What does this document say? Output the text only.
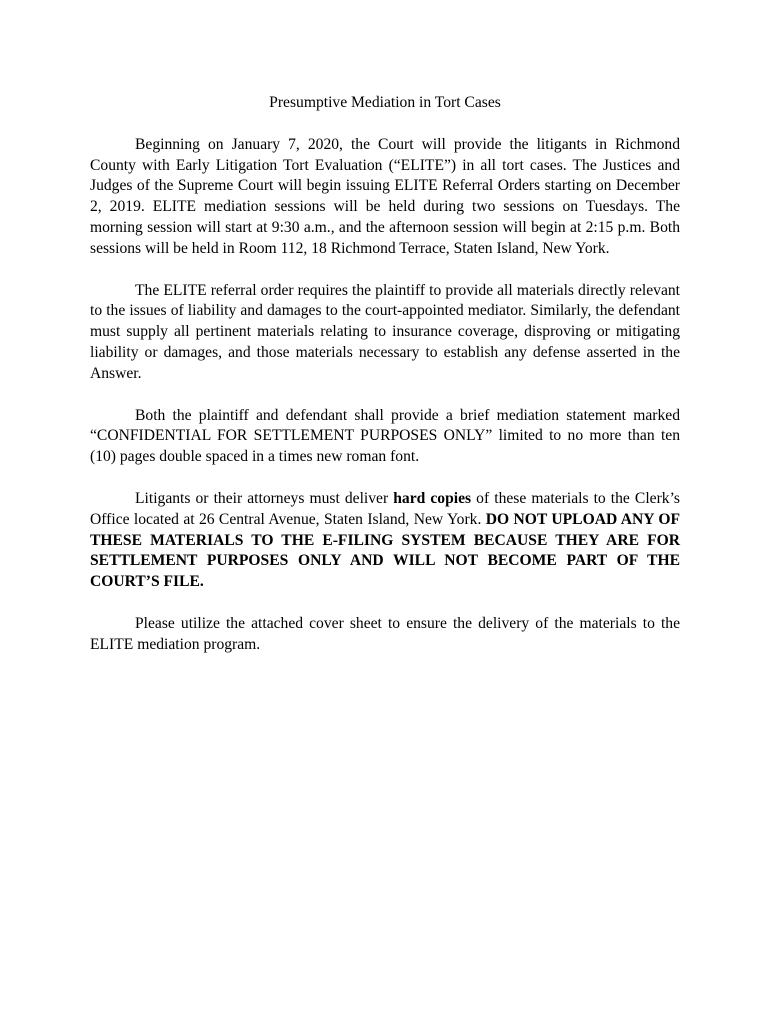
Presumptive Mediation in Tort Cases

Beginning on January 7, 2020, the Court will provide the litigants in Richmond County with Early Litigation Tort Evaluation (“ELITE”) in all tort cases. The Justices and Judges of the Supreme Court will begin issuing ELITE Referral Orders starting on December 2, 2019. ELITE mediation sessions will be held during two sessions on Tuesdays. The morning session will start at 9:30 a.m., and the afternoon session will begin at 2:15 p.m. Both sessions will be held in Room 112, 18 Richmond Terrace, Staten Island, New York.

The ELITE referral order requires the plaintiff to provide all materials directly relevant to the issues of liability and damages to the court-appointed mediator. Similarly, the defendant must supply all pertinent materials relating to insurance coverage, disproving or mitigating liability or damages, and those materials necessary to establish any defense asserted in the Answer.

Both the plaintiff and defendant shall provide a brief mediation statement marked “CONFIDENTIAL FOR SETTLEMENT PURPOSES ONLY” limited to no more than ten (10) pages double spaced in a times new roman font.

Litigants or their attorneys must deliver hard copies of these materials to the Clerk’s Office located at 26 Central Avenue, Staten Island, New York. DO NOT UPLOAD ANY OF THESE MATERIALS TO THE E-FILING SYSTEM BECAUSE THEY ARE FOR SETTLEMENT PURPOSES ONLY AND WILL NOT BECOME PART OF THE COURT’S FILE.

Please utilize the attached cover sheet to ensure the delivery of the materials to the ELITE mediation program.
